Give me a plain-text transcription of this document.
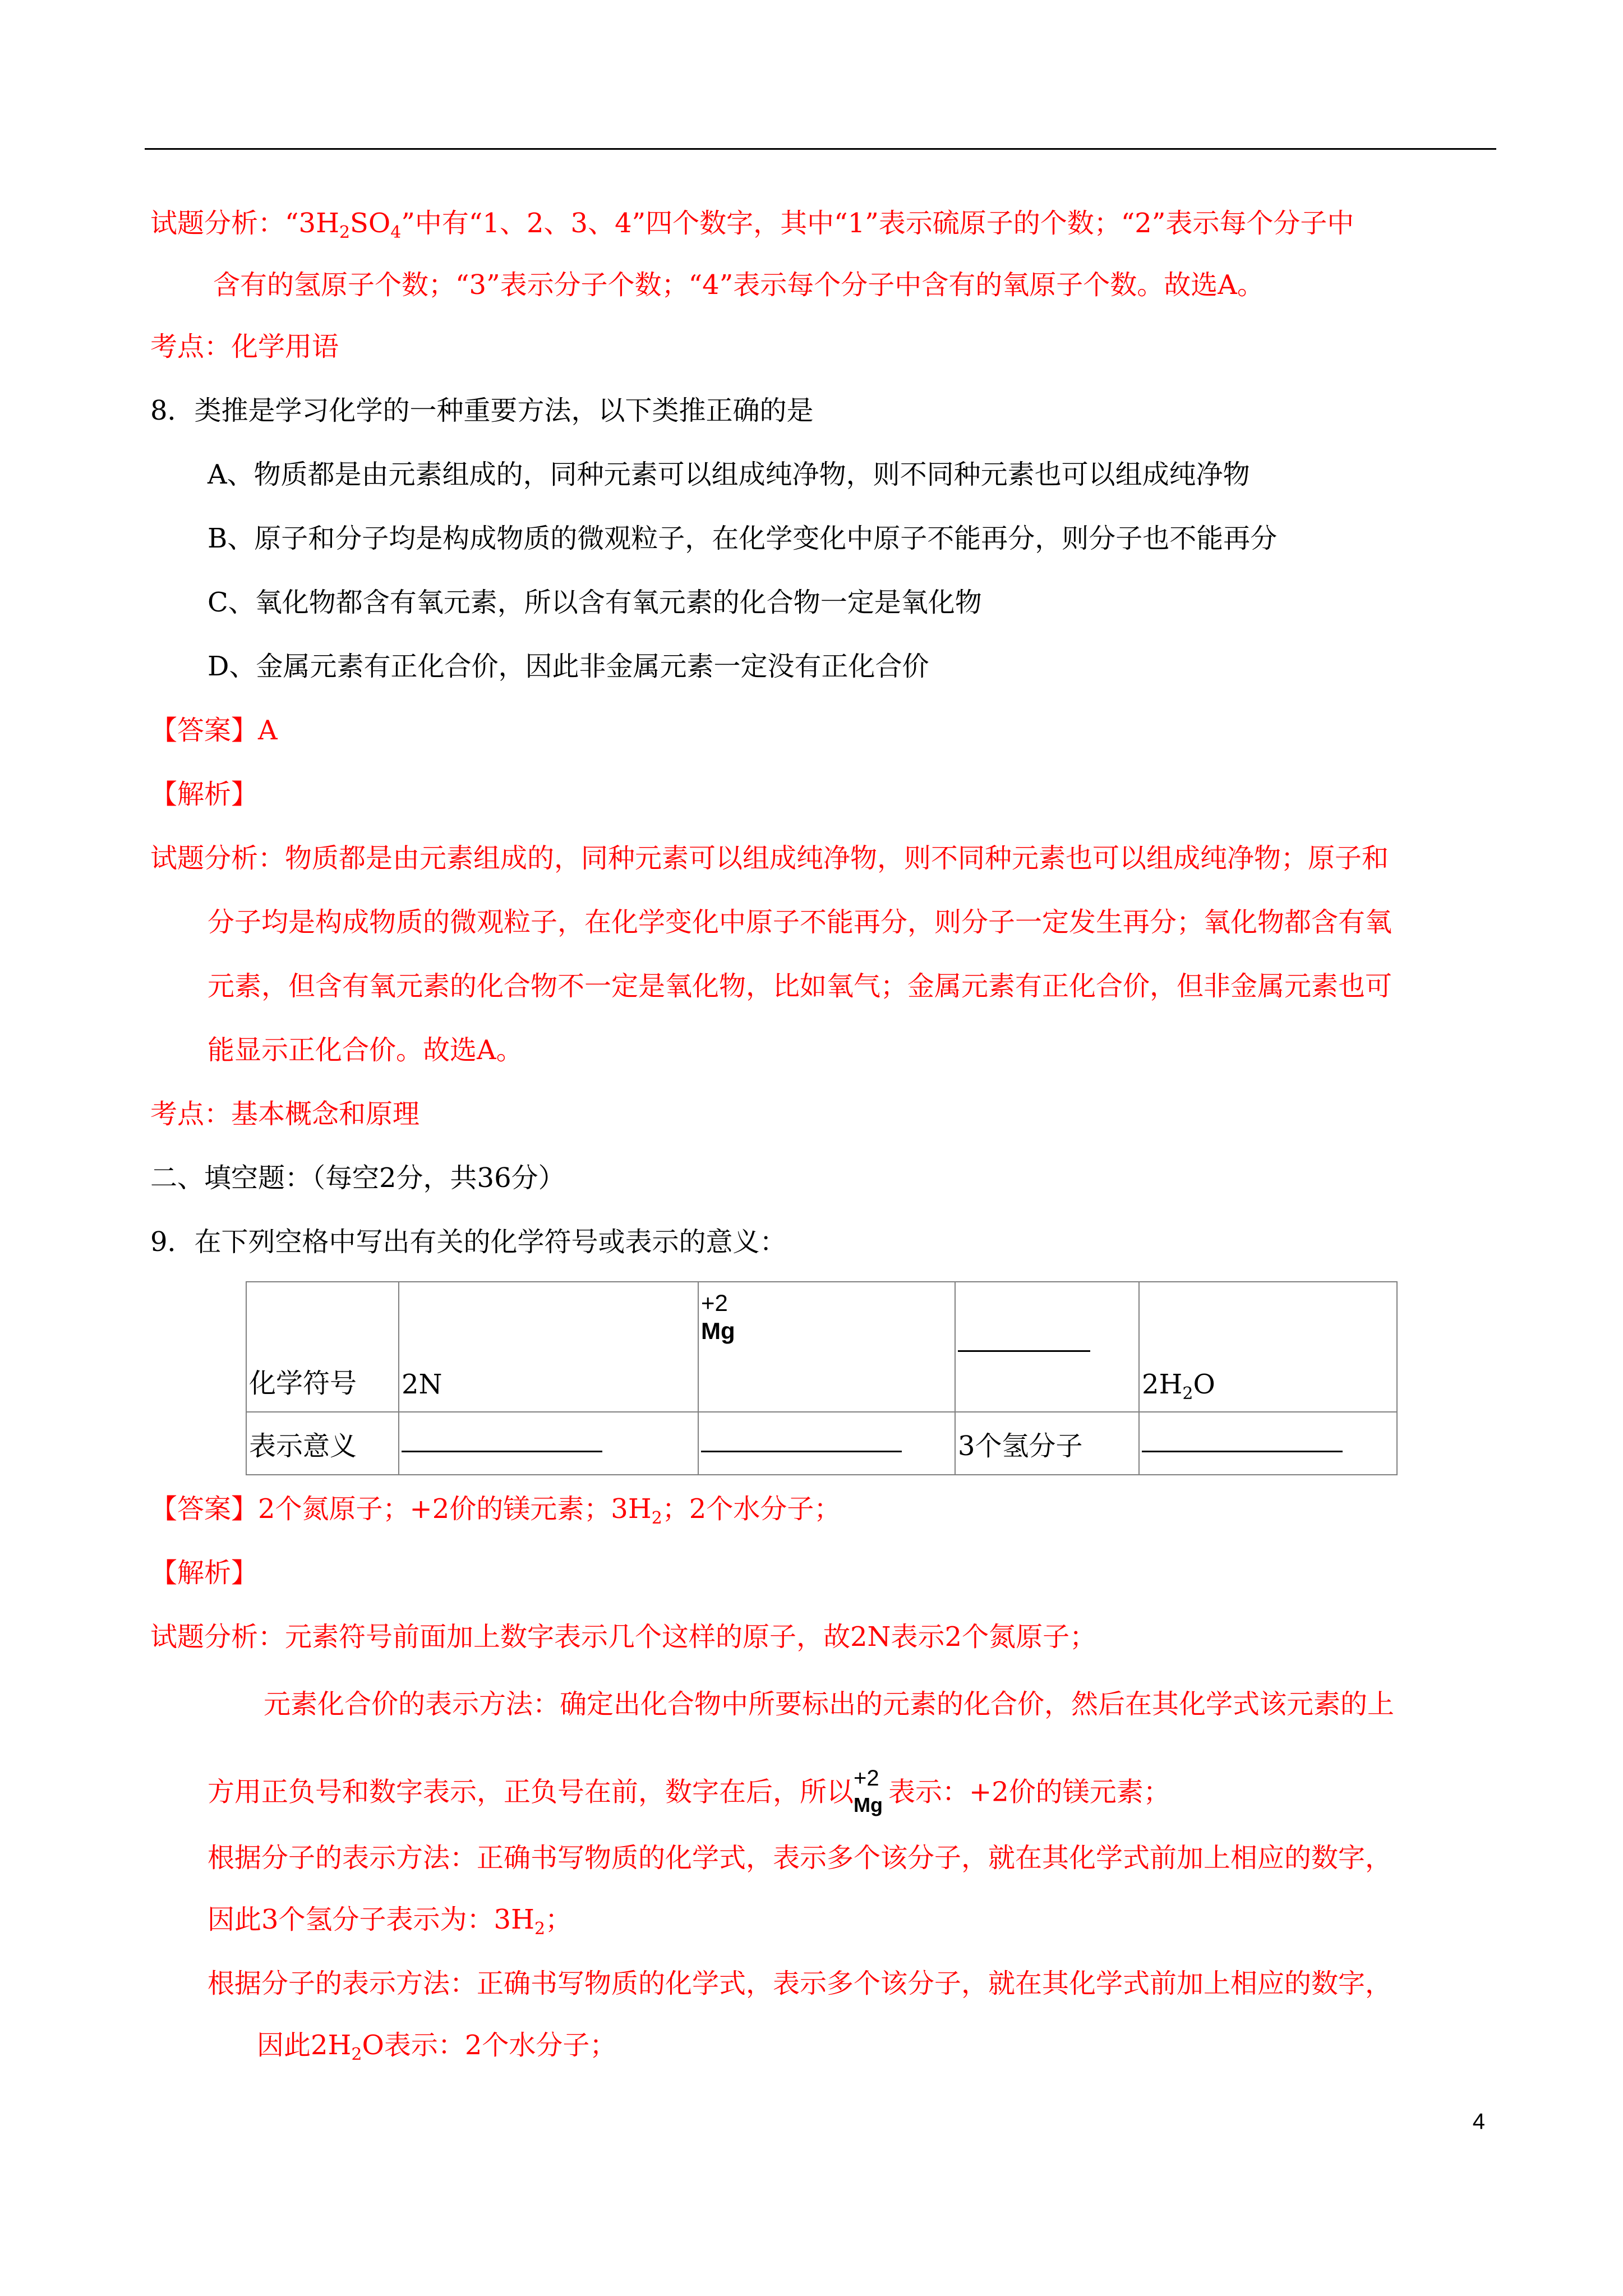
试题分析：“$3H_2SO_4$”中有“1、2、3、4”四个数字，其中“1”表示硫原子的个数；“2”表示每个分子中
含有的氢原子个数；“3”表示分子个数；“4”表示每个分子中含有的氧原子个数。故选A。
考点：化学用语
8．类推是学习化学的一种重要方法，以下类推正确的是
A、物质都是由元素组成的，同种元素可以组成纯净物，则不同种元素也可以组成纯净物
B、原子和分子均是构成物质的微观粒子，在化学变化中原子不能再分，则分子也不能再分
C、氧化物都含有氧元素，所以含有氧元素的化合物一定是氧化物
D、金属元素有正化合价，因此非金属元素一定没有正化合价
【答案】A
【解析】
试题分析：物质都是由元素组成的，同种元素可以组成纯净物，则不同种元素也可以组成纯净物；原子和
分子均是构成物质的微观粒子，在化学变化中原子不能再分，则分子一定发生再分；氧化物都含有氧
元素，但含有氧元素的化合物不一定是氧化物，比如氧气；金属元素有正化合价，但非金属元素也可
能显示正化合价。故选A。
考点：基本概念和原理
二、填空题：（每空2分，共36分）
9．在下列空格中写出有关的化学符号或表示的意义：
化学符号	2N	+2
Mg		$2H_2O$
表示意义			3个氢分子	
【答案】2个氮原子；+2价的镁元素；$3H_2$；2个水分子；
【解析】
试题分析：元素符号前面加上数字表示几个这样的原子，故2N表示2个氮原子；
元素化合价的表示方法：确定出化合物中所要标出的元素的化合价，然后在其化学式该元素的上
方用正负号和数字表示，正负号在前，数字在后，所以 +2
Mg 表示：+2价的镁元素；
根据分子的表示方法：正确书写物质的化学式，表示多个该分子，就在其化学式前加上相应的数字，
因此3个氢分子表示为：$3H_2$；
根据分子的表示方法：正确书写物质的化学式，表示多个该分子，就在其化学式前加上相应的数字，
因此$2H_2O$表示：2个水分子；
4
